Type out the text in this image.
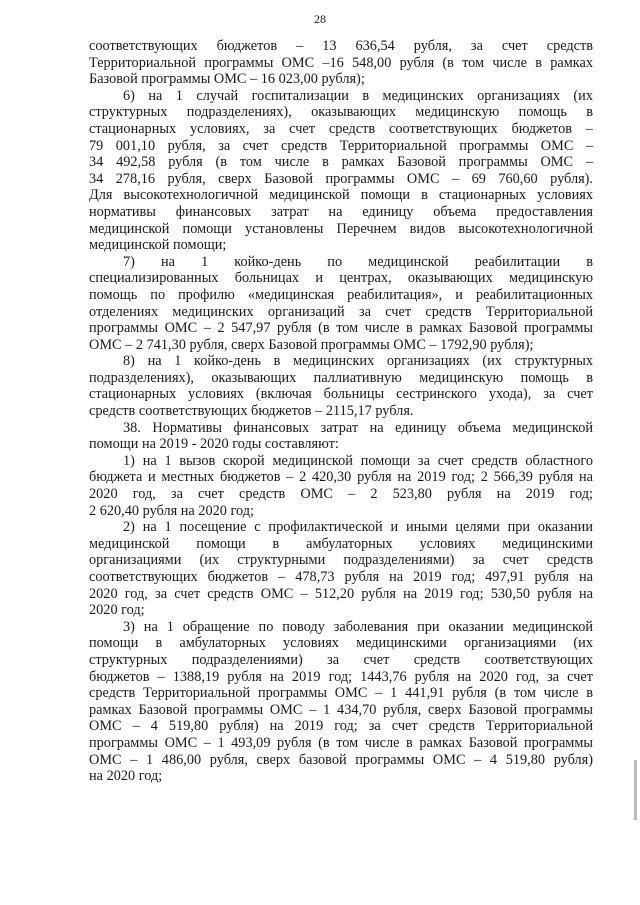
28
соответствующих бюджетов – 13 636,54 рубля, за счет средств
Территориальной программы ОМС –16 548,00 рубля (в том числе в рамках
Базовой программы ОМС – 16 023,00 рубля);
6) на 1 случай госпитализации в медицинских организациях (их
структурных подразделениях), оказывающих медицинскую помощь в
стационарных условиях, за счет средств соответствующих бюджетов –
79 001,10 рубля, за счет средств Территориальной программы ОМС –
34 492,58 рубля (в том числе в рамках Базовой программы ОМС –
34 278,16 рубля, сверх Базовой программы ОМС – 69 760,60 рубля).
Для высокотехнологичной медицинской помощи в стационарных условиях
нормативы финансовых затрат на единицу объема предоставления
медицинской помощи установлены Перечнем видов высокотехнологичной
медицинской помощи;
7) на 1 койко-день по медицинской реабилитации в
специализированных больницах и центрах, оказывающих медицинскую
помощь по профилю «медицинская реабилитация», и реабилитационных
отделениях медицинских организаций за счет средств Территориальной
программы ОМС – 2 547,97 рубля (в том числе в рамках Базовой программы
ОМС – 2 741,30 рубля, сверх Базовой программы ОМС – 1792,90 рубля);
8) на 1 койко-день в медицинских организациях (их структурных
подразделениях), оказывающих паллиативную медицинскую помощь в
стационарных условиях (включая больницы сестринского ухода), за счет
средств соответствующих бюджетов – 2115,17 рубля.
38. Нормативы финансовых затрат на единицу объема медицинской
помощи на 2019 - 2020 годы составляют:
1) на 1 вызов скорой медицинской помощи за счет средств областного
бюджета и местных бюджетов – 2 420,30 рубля на 2019 год; 2 566,39 рубля на
2020 год, за счет средств ОМС – 2 523,80 рубля на 2019 год;
2 620,40 рубля на 2020 год;
2) на 1 посещение с профилактической и иными целями при оказании
медицинской помощи в амбулаторных условиях медицинскими
организациями (их структурными подразделениями) за счет средств
соответствующих бюджетов – 478,73 рубля на 2019 год; 497,91 рубля на
2020 год, за счет средств ОМС – 512,20 рубля на 2019 год; 530,50 рубля на
2020 год;
3) на 1 обращение по поводу заболевания при оказании медицинской
помощи в амбулаторных условиях медицинскими организациями (их
структурных подразделениями) за счет средств соответствующих
бюджетов – 1388,19 рубля на 2019 год; 1443,76 рубля на 2020 год, за счет
средств Территориальной программы ОМС – 1 441,91 рубля (в том числе в
рамках Базовой программы ОМС – 1 434,70 рубля, сверх Базовой программы
ОМС – 4 519,80 рубля) на 2019 год; за счет средств Территориальной
программы ОМС – 1 493,09 рубля (в том числе в рамках Базовой программы
ОМС – 1 486,00 рубля, сверх базовой программы ОМС – 4 519,80 рубля)
на 2020 год;
